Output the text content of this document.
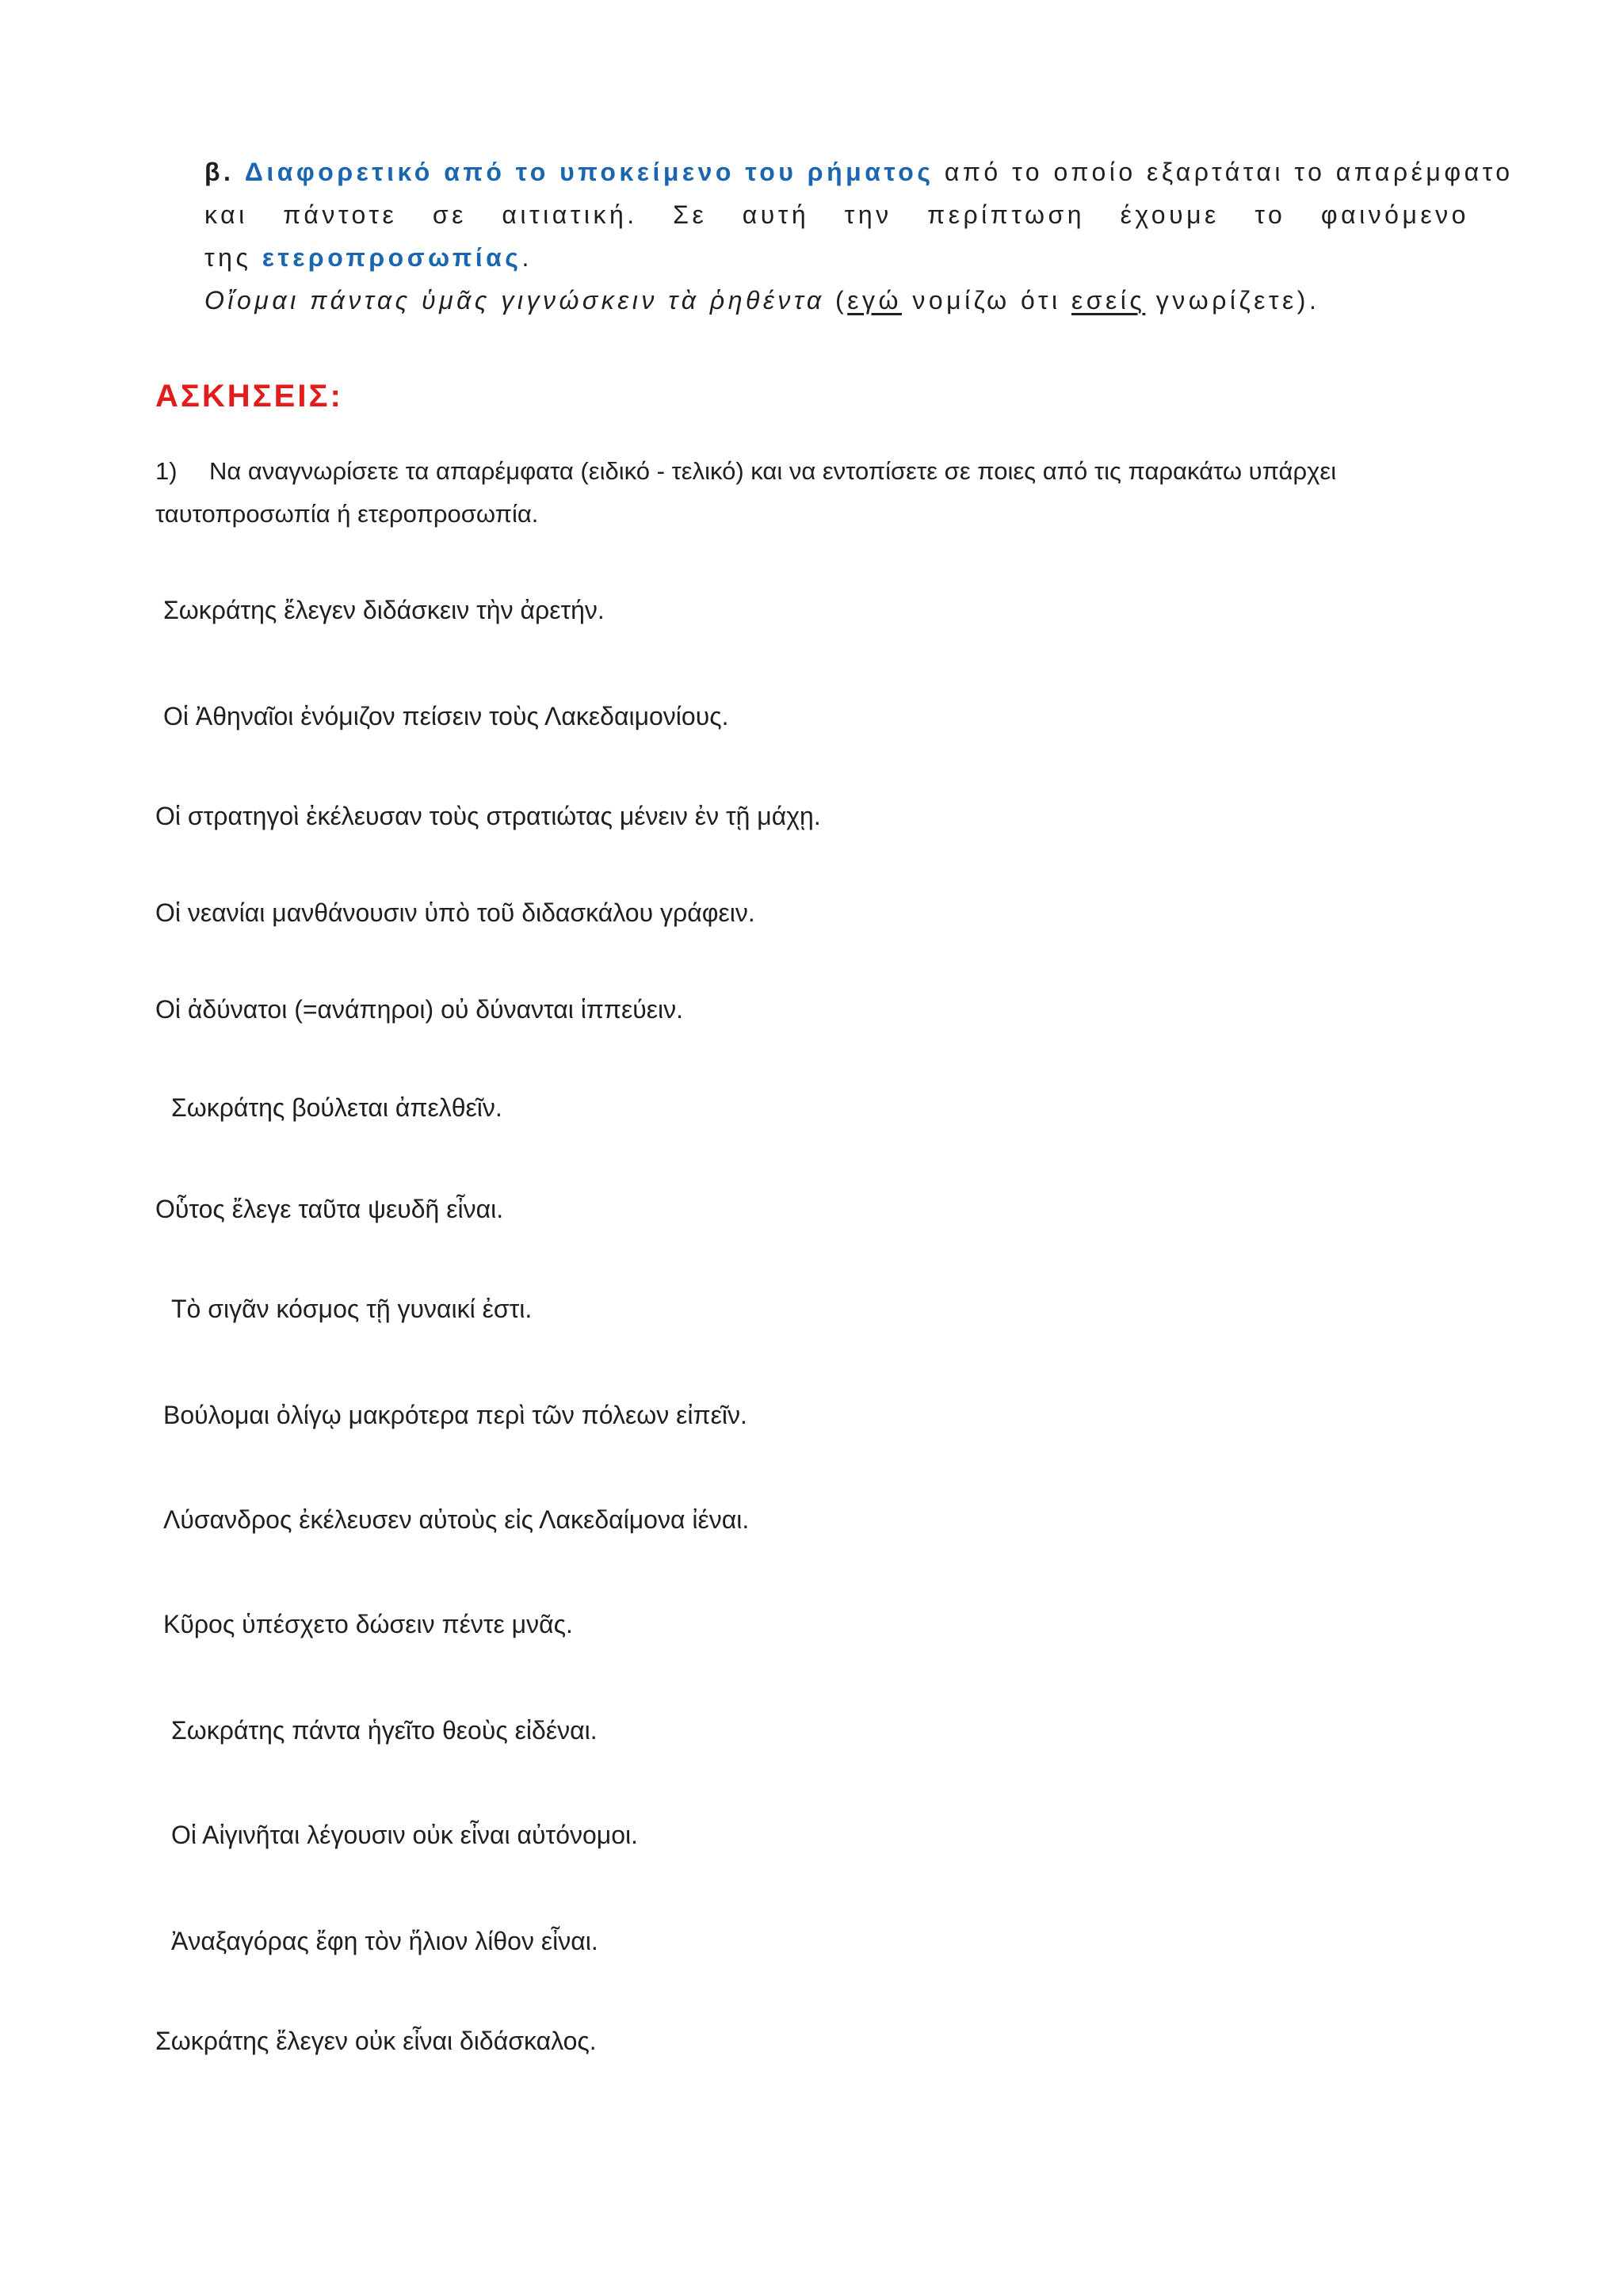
β. Διαφορετικό από το υποκείμενο του ρήματος από το οποίο εξαρτάται το απαρέμφατο
και πάντοτε σε αιτιατική. Σε αυτή την περίπτωση έχουμε το φαινόμενο
της ετεροπροσωπίας.
Οἴομαι πάντας ὑμᾶς γιγνώσκειν τὰ ῥηθέντα (εγώ νομίζω ότι εσείς γνωρίζετε).
ΑΣΚΗΣΕΙΣ:
1) Να αναγνωρίσετε τα απαρέμφατα (ειδικό - τελικό) και να εντοπίσετε σε ποιες από τις παρακάτω υπάρχει
ταυτοπροσωπία ή ετεροπροσωπία.
Σωκράτης ἔλεγεν διδάσκειν τὴν ἀρετήν.
Οἱ Ἀθηναῖοι ἐνόμιζον πείσειν τοὺς Λακεδαιμονίους.
Οἱ στρατηγοὶ ἐκέλευσαν τοὺς στρατιώτας μένειν ἐν τῇ μάχῃ.
Οἱ νεανίαι μανθάνουσιν ὑπὸ τοῦ διδασκάλου γράφειν.
Οἱ ἀδύνατοι (=ανάπηροι) οὐ δύνανται ἱππεύειν.
Σωκράτης βούλεται ἀπελθεῖν.
Οὗτος ἔλεγε ταῦτα ψευδῆ εἶναι.
Τὸ σιγᾶν κόσμος τῇ γυναικί ἐστι.
Βούλομαι ὀλίγῳ μακρότερα περὶ τῶν πόλεων εἰπεῖν.
Λύσανδρος ἐκέλευσεν αὐτοὺς εἰς Λακεδαίμονα ἰέναι.
Κῦρος ὑπέσχετο δώσειν πέντε μνᾶς.
Σωκράτης πάντα ἡγεῖτο θεοὺς εἰδέναι.
Οἱ Αἰγινῆται λέγουσιν οὐκ εἶναι αὐτόνομοι.
Ἀναξαγόρας ἔφη τὸν ἥλιον λίθον εἶναι.
Σωκράτης ἔλεγεν οὐκ εἶναι διδάσκαλος.
